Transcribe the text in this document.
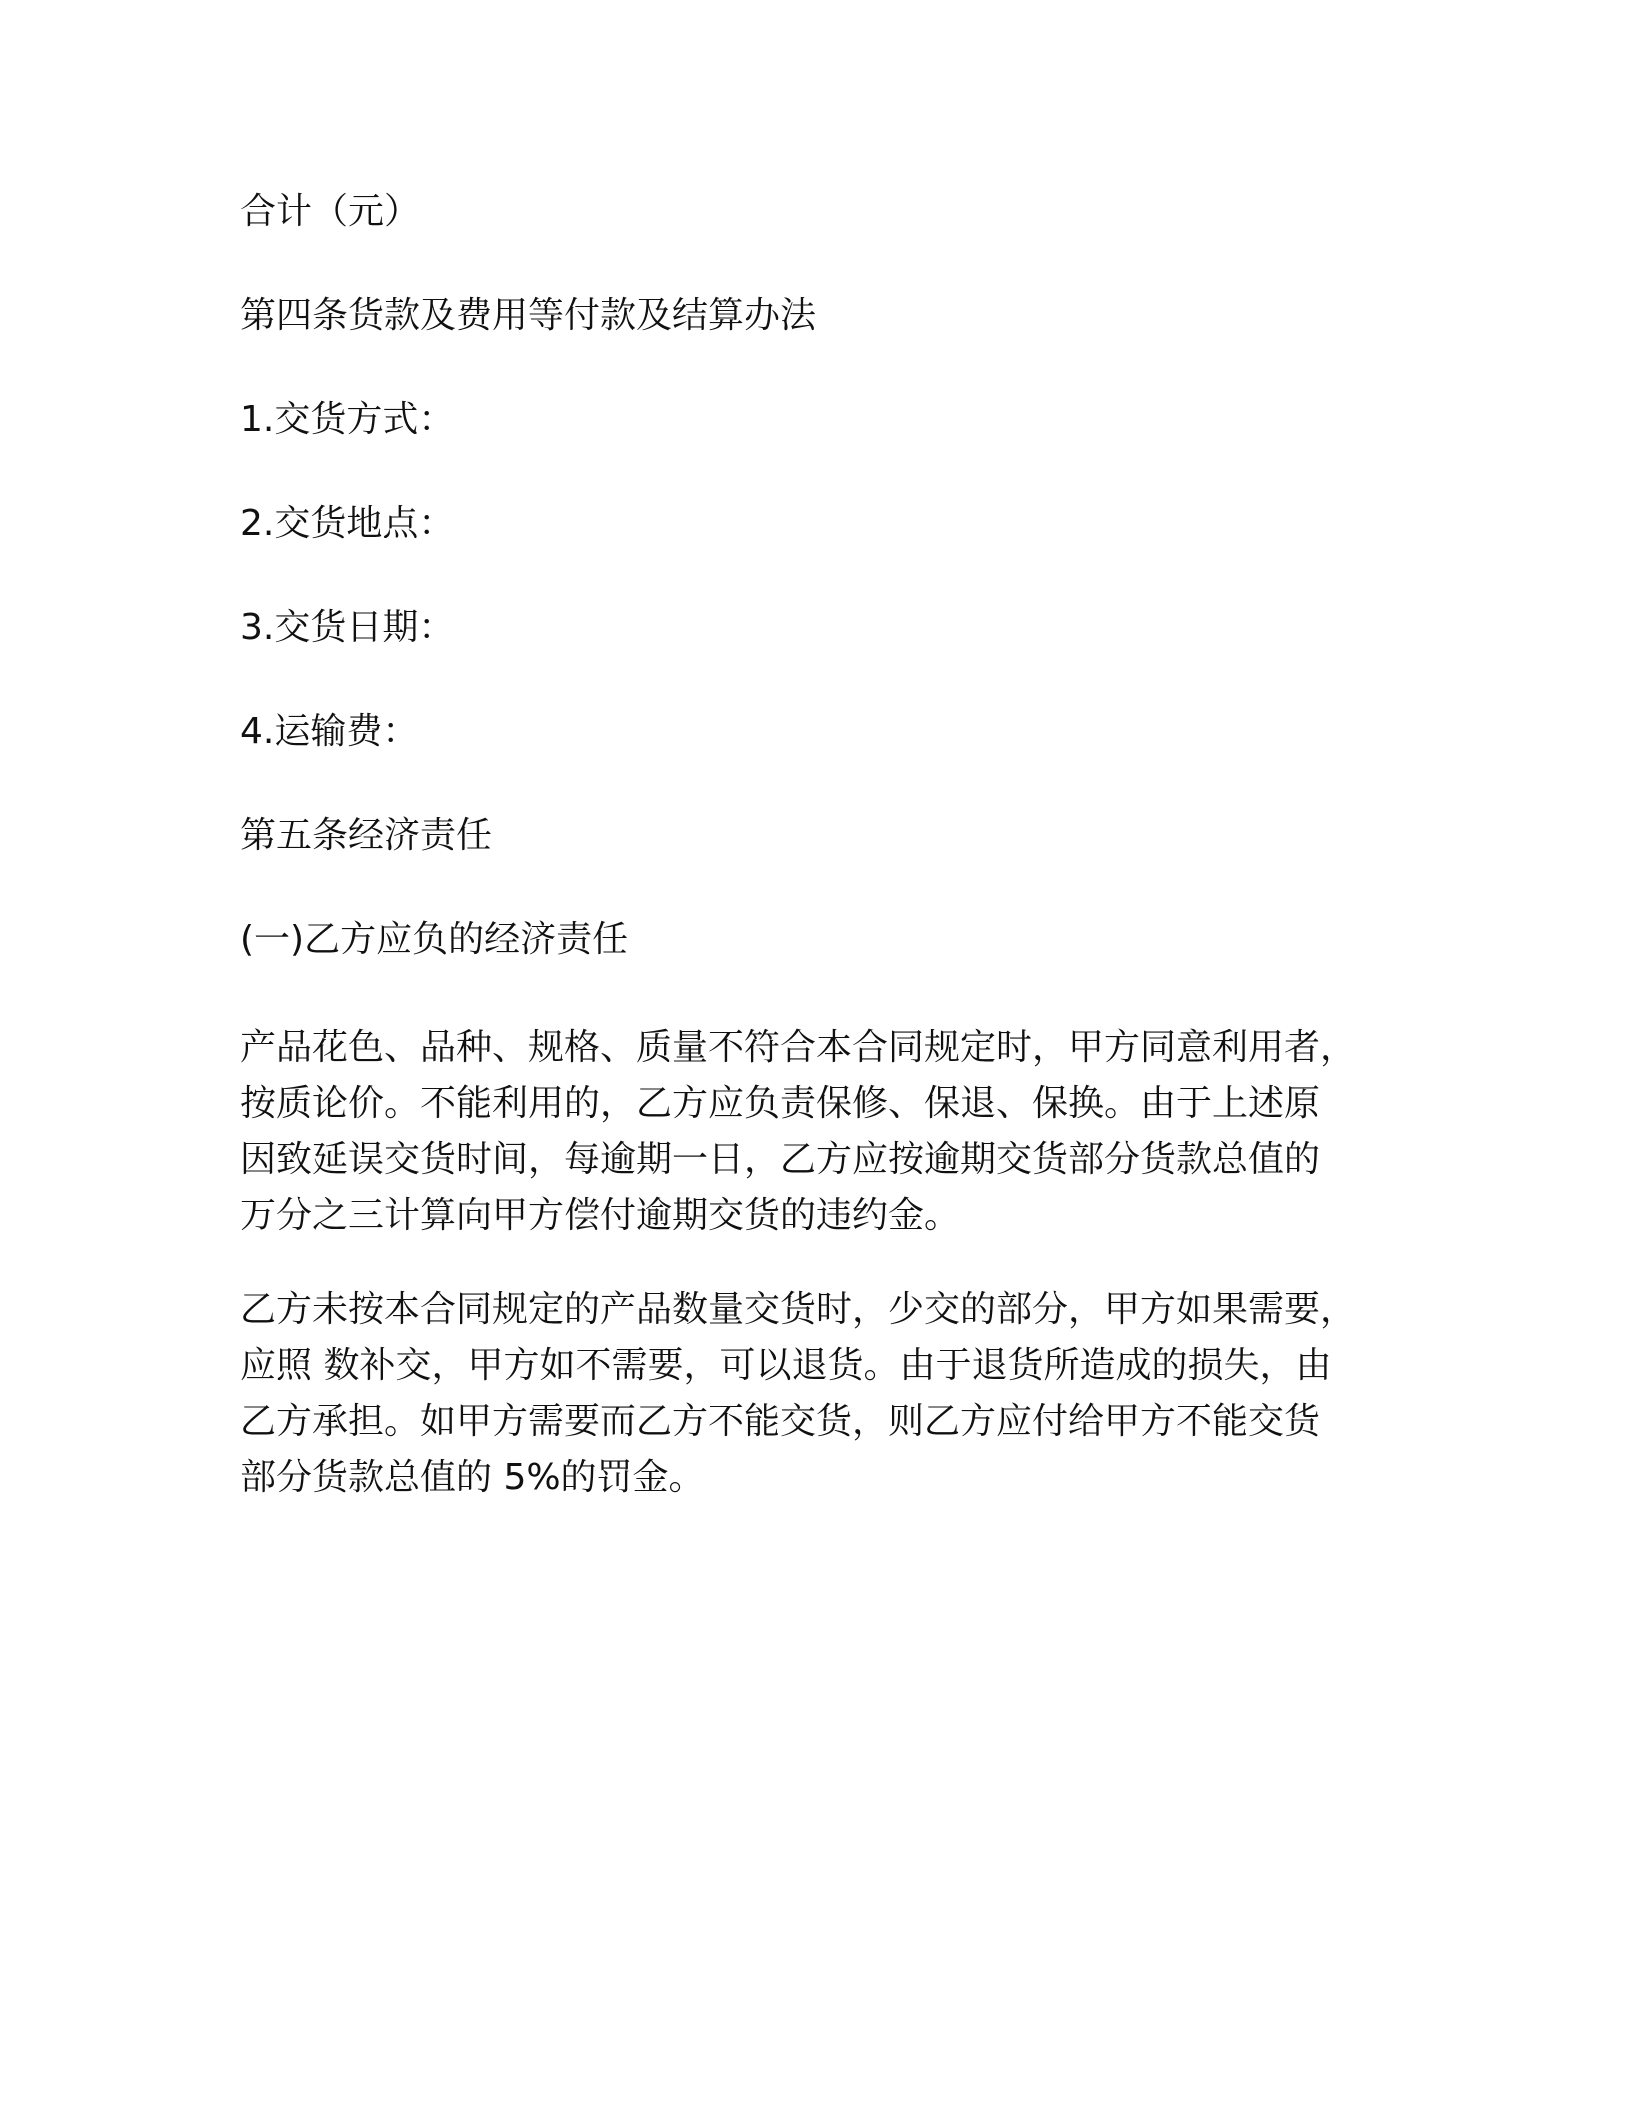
合计（元）

第四条货款及费用等付款及结算办法

1.交货方式：

2.交货地点：

3.交货日期：

4.运输费：

第五条经济责任

(一)乙方应负的经济责任

产品花色、品种、规格、质量不符合本合同规定时，甲方同意利用者，
按质论价。不能利用的，乙方应负责保修、保退、保换。由于上述原
因致延误交货时间，每逾期一日，乙方应按逾期交货部分货款总值的
万分之三计算向甲方偿付逾期交货的违约金。

乙方未按本合同规定的产品数量交货时，少交的部分，甲方如果需要，
应照 数补交，甲方如不需要，可以退货。由于退货所造成的损失，由
乙方承担。如甲方需要而乙方不能交货，则乙方应付给甲方不能交货
部分货款总值的 5%的罚金。
